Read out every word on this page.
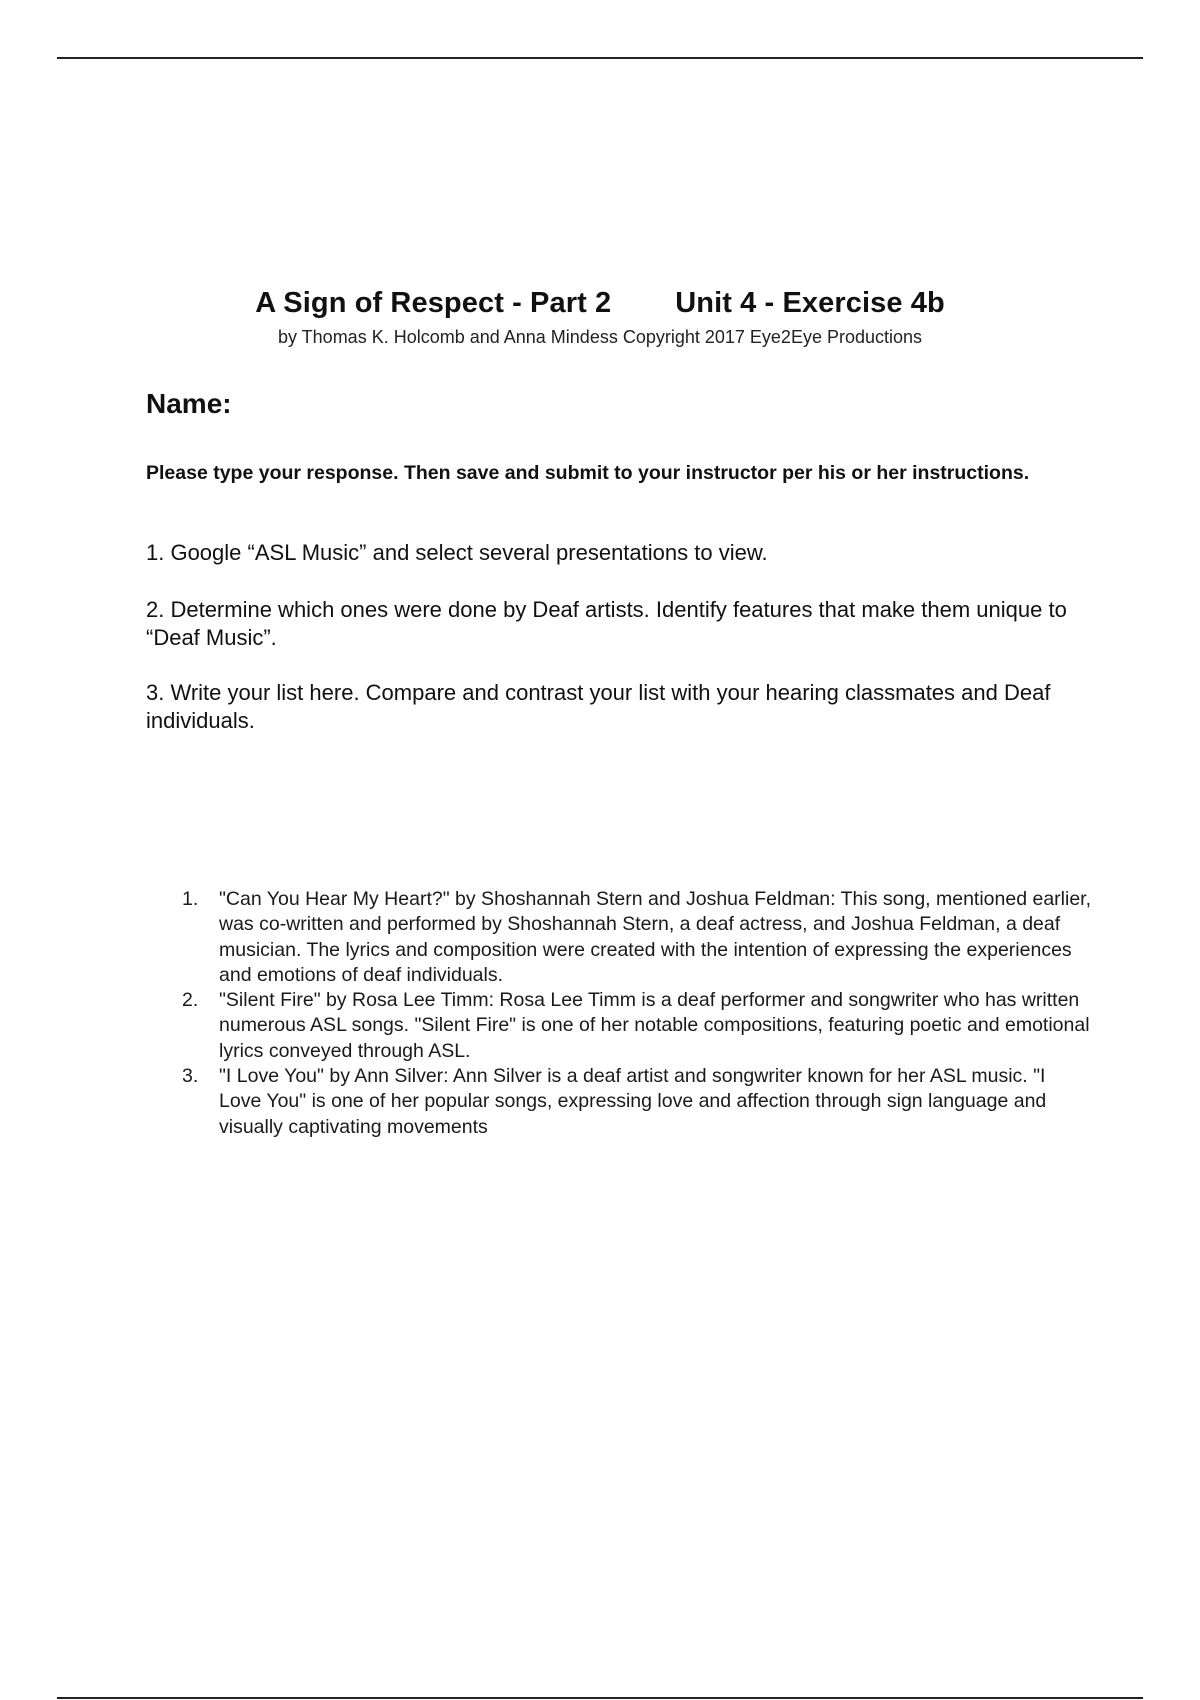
A Sign of Respect - Part 2 Unit 4 - Exercise 4b
by Thomas K. Holcomb and Anna Mindess Copyright 2017 Eye2Eye Productions
Name:
Please type your response. Then save and submit to your instructor per his or her instructions.
1. Google “ASL Music” and select several presentations to view.
2. Determine which ones were done by Deaf artists. Identify features that make them unique to “Deaf Music”.
3. Write your list here. Compare and contrast your list with your hearing classmates and Deaf individuals.
1. "Can You Hear My Heart?" by Shoshannah Stern and Joshua Feldman: This song, mentioned earlier, was co-written and performed by Shoshannah Stern, a deaf actress, and Joshua Feldman, a deaf musician. The lyrics and composition were created with the intention of expressing the experiences and emotions of deaf individuals.
2. "Silent Fire" by Rosa Lee Timm: Rosa Lee Timm is a deaf performer and songwriter who has written numerous ASL songs. "Silent Fire" is one of her notable compositions, featuring poetic and emotional lyrics conveyed through ASL.
3. "I Love You" by Ann Silver: Ann Silver is a deaf artist and songwriter known for her ASL music. "I Love You" is one of her popular songs, expressing love and affection through sign language and visually captivating movements
